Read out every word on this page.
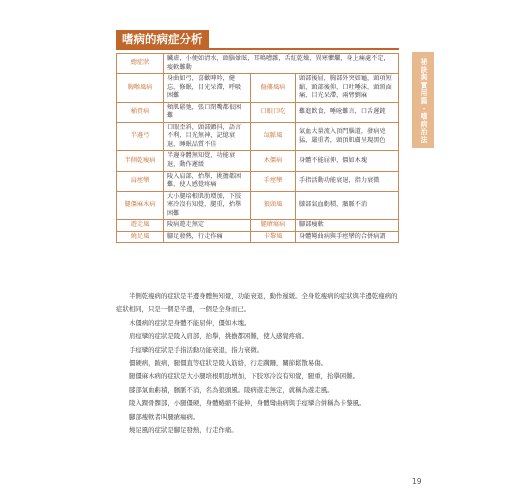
嗜病的病症分析
總症狀	臟虛，小便如清水，頭腦暈眩，耳鳴嘈雜，舌紅乾燥，異寒懼爛，身上痛處不定，痠軟難動		
胸喉風病	身曲如弓，喜歡呻吟，健忘，修眠，目光呆滯，呼吸困難	傴僂風病	頭部後屈，胸部外突如龜，頭項短縮，頭部後仰，口吐唾沫，頭頸面痛，目光呆滯，兩臂劉麻
桶賁病	頰肌鬆弛，張口閉嘴都很困難	口眼口吃	難進飲食，唾呛難言，口舌遲鈍
半邊弓	口眼歪斜，頭部顫抖，語言不利，目光無神，記憶衰退，睡眠品質不佳	氙脈風	氣血大量流入頂門腦道，發病兇猛，嚴重者，頭頂肌膚呈現黑色
半側乾瘦病	半邊身體無知覺，功能衰退，動作遲緩	木僵病	身體不能屈伸，僵如木塊
肩痙攣	陵入肩部，抬擧，挑擔都困難，使人感覺疼痛	手痙攣	手指活動功能衰退，指力衰微
腿僵麻木病	大小腿培根肌肋增加，下肢寒冷沒有知覺，腿重，抬擧困難	狼頭風	膝部氣血虧積，臏脈不消
遊走風	陵病遊走無定	腿瘡瘍病	腳部瘦軟
燒足風	腳足發熱，行走作痛	卡黎風	身體彎曲病與手痙攣的合併病謂
祕訣與實用篇・嗜病治法

半側乾瘦病的症狀是半邊身體無知覺，功能衰退，動作遲緩。全身乾瘦病的症狀與半邊乾瘦病的症狀相同，只是一個是半邊，一個是全身而已。

木僵病的症狀是身體不能屈伸，僵如木塊。

肩痙攣的症狀是陵入肩部，抬擧，挑擔都困難，使人感覺疼痛。

手痙攣的症狀是手指活動功能衰退，指力衰微。

僵硬病，跛病，腿僵直等症狀是陵入筋絡，行走蹒跚，關節鬆散易傷。

腿僵麻木病的症狀是大小腿培根肌肋增加，下肢寒冷沒有知覺，腿重，抬擧困難。

膝部氣血虧積，臏脈不消，名為狼頭風。陵病遊走無定，就稱為遊走風。

陵入踝骨髁部，小腿僵硬，身體蜷縮不能伸，身體彎曲病與手痙攣合併稱為卡黎風。

腳部瘦軟者叫腿瘡瘍病。

燒足風的症狀是腳足發熱，行走作痛。

19
